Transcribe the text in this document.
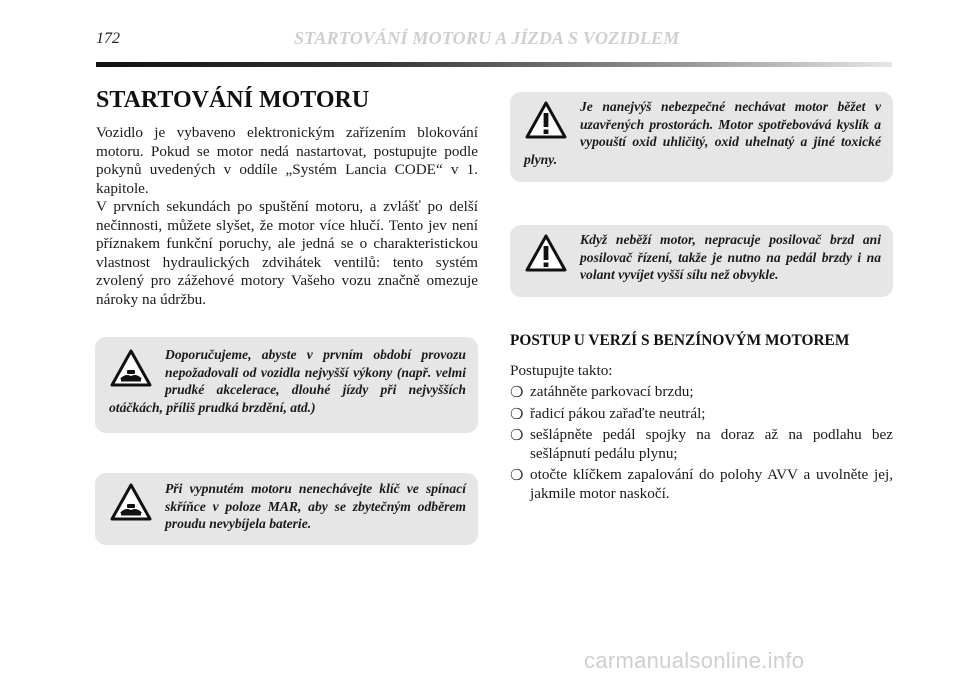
172	STARTOVÁNÍ MOTORU A JÍZDA S VOZIDLEM
STARTOVÁNÍ MOTORU

Vozidlo je vybaveno elektronickým zařízením blokování motoru. Pokud se motor nedá nastartovat, postupujte podle pokynů uvedených v oddíle „Systém Lancia CODE“ v 1. kapitole.

V prvních sekundách po spuštění motoru, a zvlášť po delší nečinnosti, můžete slyšet, že motor více hlučí. Tento jev není příznakem funkční poruchy, ale jedná se o charakteristickou vlastnost hydraulických zdvihátek ventilů: tento systém zvolený pro zážehové motory Vašeho vozu značně omezuje nároky na údržbu.

Je nanejvýš nebezpečné nechávat motor běžet v uzavřených prostorách. Motor spotřebovává kyslík a vypouští oxid uhličitý, oxid uhelnatý a jiné toxické plyny.
Když neběží motor, nepracuje posilovač brzd ani posilovač řízení, takže je nutno na pedál brzdy i na volant vyvíjet vyšší sílu než obvykle.
Doporučujeme, abyste v prvním období provozu nepožadovali od vozidla nejvyšší výkony (např. velmi prudké akcelerace, dlouhé jízdy při nejvyšších otáčkách, příliš prudká brzdění, atd.)
Při vypnutém motoru nenechávejte klíč ve spínací skříňce v poloze MAR, aby se zbytečným odběrem proudu nevybíjela baterie.
POSTUP U VERZÍ S BENZÍNOVÝM MOTOREM
Postupujte takto:
❍ zatáhněte parkovací brzdu;
❍ řadicí pákou zařaďte neutrál;
❍ sešlápněte pedál spojky na doraz až na podlahu bez sešlápnutí pedálu plynu;
❍ otočte klíčkem zapalování do polohy AVV a uvolněte jej, jakmile motor naskočí.
carmanualsonline.info
